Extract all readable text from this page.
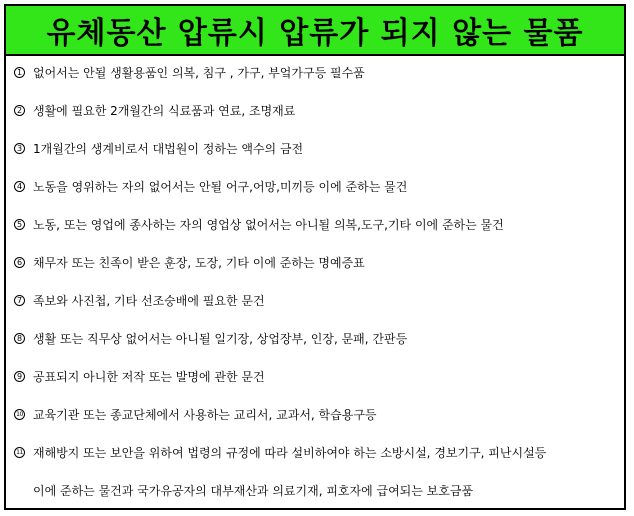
유체동산 압류시 압류가 되지 않는 물품
1 없어서는 안될 생활용품인 의복, 침구 , 가구, 부엌가구등 필수품
2 생활에 필요한 2개월간의 식료품과 연료, 조명재료
3 1개월간의 생계비로서 대법원이 정하는 액수의 금전
4 노동을 영위하는 자의 없어서는 안될 어구,어망,미끼등 이에 준하는 물건
5 노동, 또는 영업에 종사하는 자의 영업상 없어서는 아니될 의복,도구,기타 이에 준하는 물건
6 채무자 또는 친족이 받은 훈장, 도장, 기타 이에 준하는 명예증표
7 족보와 사진첩, 기타 선조숭배에 필요한 문건
8 생활 또는 직무상 없어서는 아니될 일기장, 상업장부, 인장, 문패, 간판등
9 공표되지 아니한 저작 또는 발명에 관한 문건
10 교육기관 또는 종교단체에서 사용하는 교리서, 교과서, 학습용구등
11 재해방지 또는 보안을 위하여 법령의 규정에 따라 설비하여야 하는 소방시설, 경보기구, 피난시설등
이에 준하는 물건과 국가유공자의 대부재산과 의료기재, 피호자에 급여되는 보호금품
